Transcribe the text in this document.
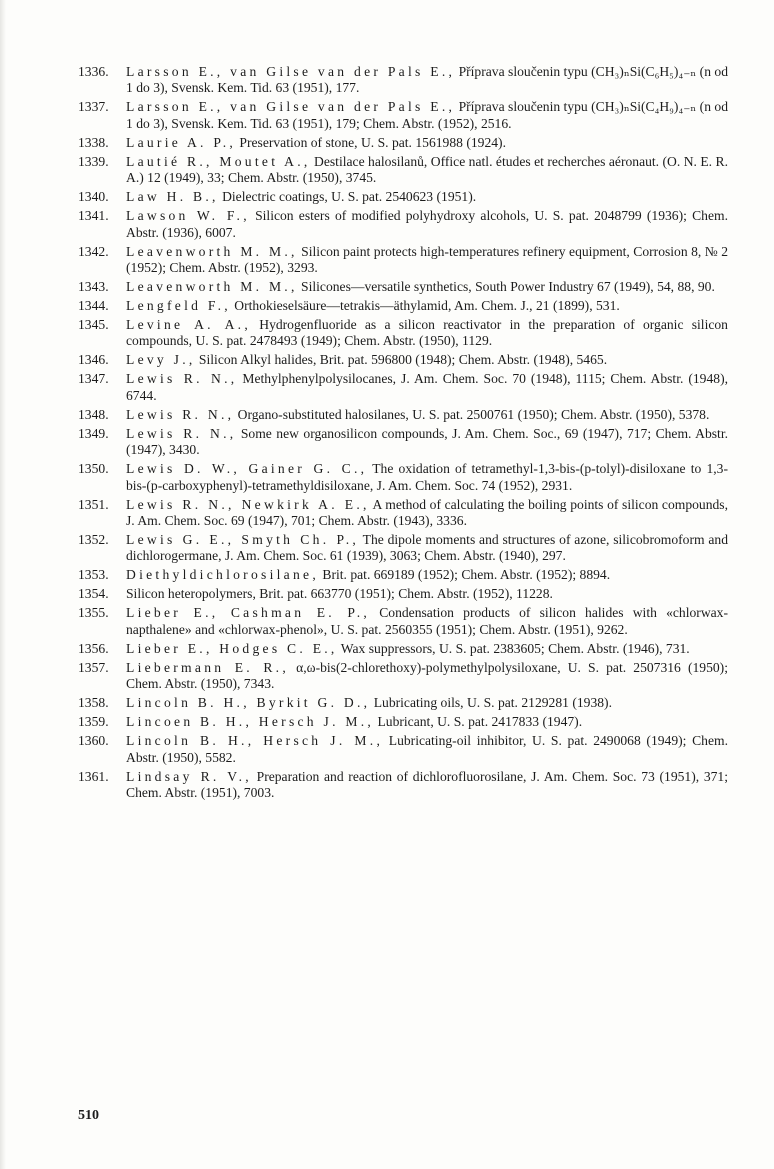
1336.	Larsson E., van Gilse van der Pals E., Příprava sloučenin typu (CH₃)ₙSi(C₆H₅)₄₋ₙ (n od 1 do 3), Svensk. Kem. Tid. 63 (1951), 177.
1337.	Larsson E., van Gilse van der Pals E., Příprava sloučenin typu (CH₃)ₙSi(C₄H₉)₄₋ₙ (n od 1 do 3), Svensk. Kem. Tid. 63 (1951), 179; Chem. Abstr. (1952), 2516.
1338.	Laurie A. P., Preservation of stone, U. S. pat. 1561988 (1924).
1339.	Lautié R., Moutet A., Destilace halosilanů, Office natl. études et recherches aéronaut. (O. N. E. R. A.) 12 (1949), 33; Chem. Abstr. (1950), 3745.
1340.	Law H. B., Dielectric coatings, U. S. pat. 2540623 (1951).
1341.	Lawson W. F., Silicon esters of modified polyhydroxy alcohols, U. S. pat. 2048799 (1936); Chem. Abstr. (1936), 6007.
1342.	Leavenworth M. M., Silicon paint protects high-temperatures refinery equipment, Corrosion 8, № 2 (1952); Chem. Abstr. (1952), 3293.
1343.	Leavenworth M. M., Silicones—versatile synthetics, South Power Industry 67 (1949), 54, 88, 90.
1344.	Lengfeld F., Orthokieselsäure—tetrakis—äthylamid, Am. Chem. J., 21 (1899), 531.
1345.	Levine A. A., Hydrogenfluoride as a silicon reactivator in the preparation of organic silicon compounds, U. S. pat. 2478493 (1949); Chem. Abstr. (1950), 1129.
1346.	Levy J., Silicon Alkyl halides, Brit. pat. 596800 (1948); Chem. Abstr. (1948), 5465.
1347.	Lewis R. N., Methylphenylpolysilocanes, J. Am. Chem. Soc. 70 (1948), 1115; Chem. Abstr. (1948), 6744.
1348.	Lewis R. N., Organo-substituted halosilanes, U. S. pat. 2500761 (1950); Chem. Abstr. (1950), 5378.
1349.	Lewis R. N., Some new organosilicon compounds, J. Am. Chem. Soc., 69 (1947), 717; Chem. Abstr. (1947), 3430.
1350.	Lewis D. W., Gainer G. C., The oxidation of tetramethyl-1,3-bis-(p-tolyl)-disiloxane to 1,3-bis-(p-carboxyphenyl)-tetramethyldisiloxane, J. Am. Chem. Soc. 74 (1952), 2931.
1351.	Lewis R. N., Newkirk A. E., A method of calculating the boiling points of silicon compounds, J. Am. Chem. Soc. 69 (1947), 701; Chem. Abstr. (1943), 3336.
1352.	Lewis G. E., Smyth Ch. P., The dipole moments and structures of azone, silicobromoform and dichlorogermane, J. Am. Chem. Soc. 61 (1939), 3063; Chem. Abstr. (1940), 297.
1353.	Diethyldichlorosilane, Brit. pat. 669189 (1952); Chem. Abstr. (1952); 8894.
1354.	Silicon heteropolymers, Brit. pat. 663770 (1951); Chem. Abstr. (1952), 11228.
1355.	Lieber E., Cashman E. P., Condensation products of silicon halides with «chlorwax-napthalene» and «chlorwax-phenol», U. S. pat. 2560355 (1951); Chem. Abstr. (1951), 9262.
1356.	Lieber E., Hodges C. E., Wax suppressors, U. S. pat. 2383605; Chem. Abstr. (1946), 731.
1357.	Liebermann E. R., α,ω-bis(2-chlorethoxy)-polymethylpolysiloxane, U. S. pat. 2507316 (1950); Chem. Abstr. (1950), 7343.
1358.	Lincoln B. H., Byrkit G. D., Lubricating oils, U. S. pat. 2129281 (1938).
1359.	Lincoen B. H., Hersch J. M., Lubricant, U. S. pat. 2417833 (1947).
1360.	Lincoln B. H., Hersch J. M., Lubricating-oil inhibitor, U. S. pat. 2490068 (1949); Chem. Abstr. (1950), 5582.
1361.	Lindsay R. V., Preparation and reaction of dichlorofluorosilane, J. Am. Chem. Soc. 73 (1951), 371; Chem. Abstr. (1951), 7003.
510
